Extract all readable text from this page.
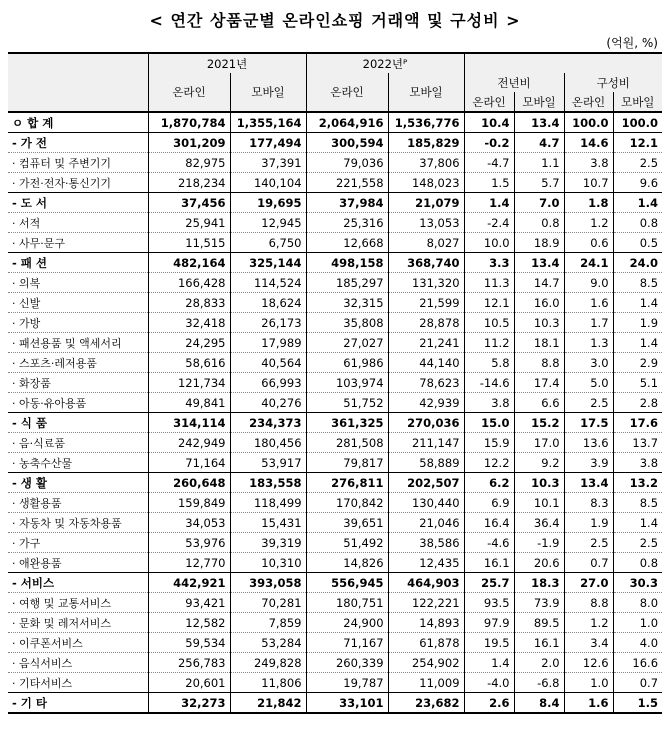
< 연간 상품군별 온라인쇼핑 거래액 및 구성비 >
(억원, %)
	2021년		2022년ᴾ					
	온라인	모바일	온라인	모바일	전년비		구성비	
					온라인	모바일	온라인	모바일
ㅇ 합 계	1,870,784	1,355,164	2,064,916	1,536,776	10.4	13.4	100.0	100.0
- 가 전	301,209	177,494	300,594	185,829	-0.2	4.7	14.6	12.1
· 컴퓨터 및 주변기기	82,975	37,391	79,036	37,806	-4.7	1.1	3.8	2.5
· 가전·전자·통신기기	218,234	140,104	221,558	148,023	1.5	5.7	10.7	9.6
- 도 서	37,456	19,695	37,984	21,079	1.4	7.0	1.8	1.4
· 서적	25,941	12,945	25,316	13,053	-2.4	0.8	1.2	0.8
· 사무·문구	11,515	6,750	12,668	8,027	10.0	18.9	0.6	0.5
- 패 션	482,164	325,144	498,158	368,740	3.3	13.4	24.1	24.0
· 의복	166,428	114,524	185,297	131,320	11.3	14.7	9.0	8.5
· 신발	28,833	18,624	32,315	21,599	12.1	16.0	1.6	1.4
· 가방	32,418	26,173	35,808	28,878	10.5	10.3	1.7	1.9
· 패션용품 및 액세서리	24,295	17,989	27,027	21,241	11.2	18.1	1.3	1.4
· 스포츠·레저용품	58,616	40,564	61,986	44,140	5.8	8.8	3.0	2.9
· 화장품	121,734	66,993	103,974	78,623	-14.6	17.4	5.0	5.1
· 아동·유아용품	49,841	40,276	51,752	42,939	3.8	6.6	2.5	2.8
- 식 품	314,114	234,373	361,325	270,036	15.0	15.2	17.5	17.6
· 음·식료품	242,949	180,456	281,508	211,147	15.9	17.0	13.6	13.7
· 농축수산물	71,164	53,917	79,817	58,889	12.2	9.2	3.9	3.8
- 생 활	260,648	183,558	276,811	202,507	6.2	10.3	13.4	13.2
· 생활용품	159,849	118,499	170,842	130,440	6.9	10.1	8.3	8.5
· 자동차 및 자동차용품	34,053	15,431	39,651	21,046	16.4	36.4	1.9	1.4
· 가구	53,976	39,319	51,492	38,586	-4.6	-1.9	2.5	2.5
· 애완용품	12,770	10,310	14,826	12,435	16.1	20.6	0.7	0.8
- 서비스	442,921	393,058	556,945	464,903	25.7	18.3	27.0	30.3
· 여행 및 교통서비스	93,421	70,281	180,751	122,221	93.5	73.9	8.8	8.0
· 문화 및 레저서비스	12,582	7,859	24,900	14,893	97.9	89.5	1.2	1.0
· 이쿠폰서비스	59,534	53,284	71,167	61,878	19.5	16.1	3.4	4.0
· 음식서비스	256,783	249,828	260,339	254,902	1.4	2.0	12.6	16.6
· 기타서비스	20,601	11,806	19,787	11,009	-4.0	-6.8	1.0	0.7
- 기 타	32,273	21,842	33,101	23,682	2.6	8.4	1.6	1.5
